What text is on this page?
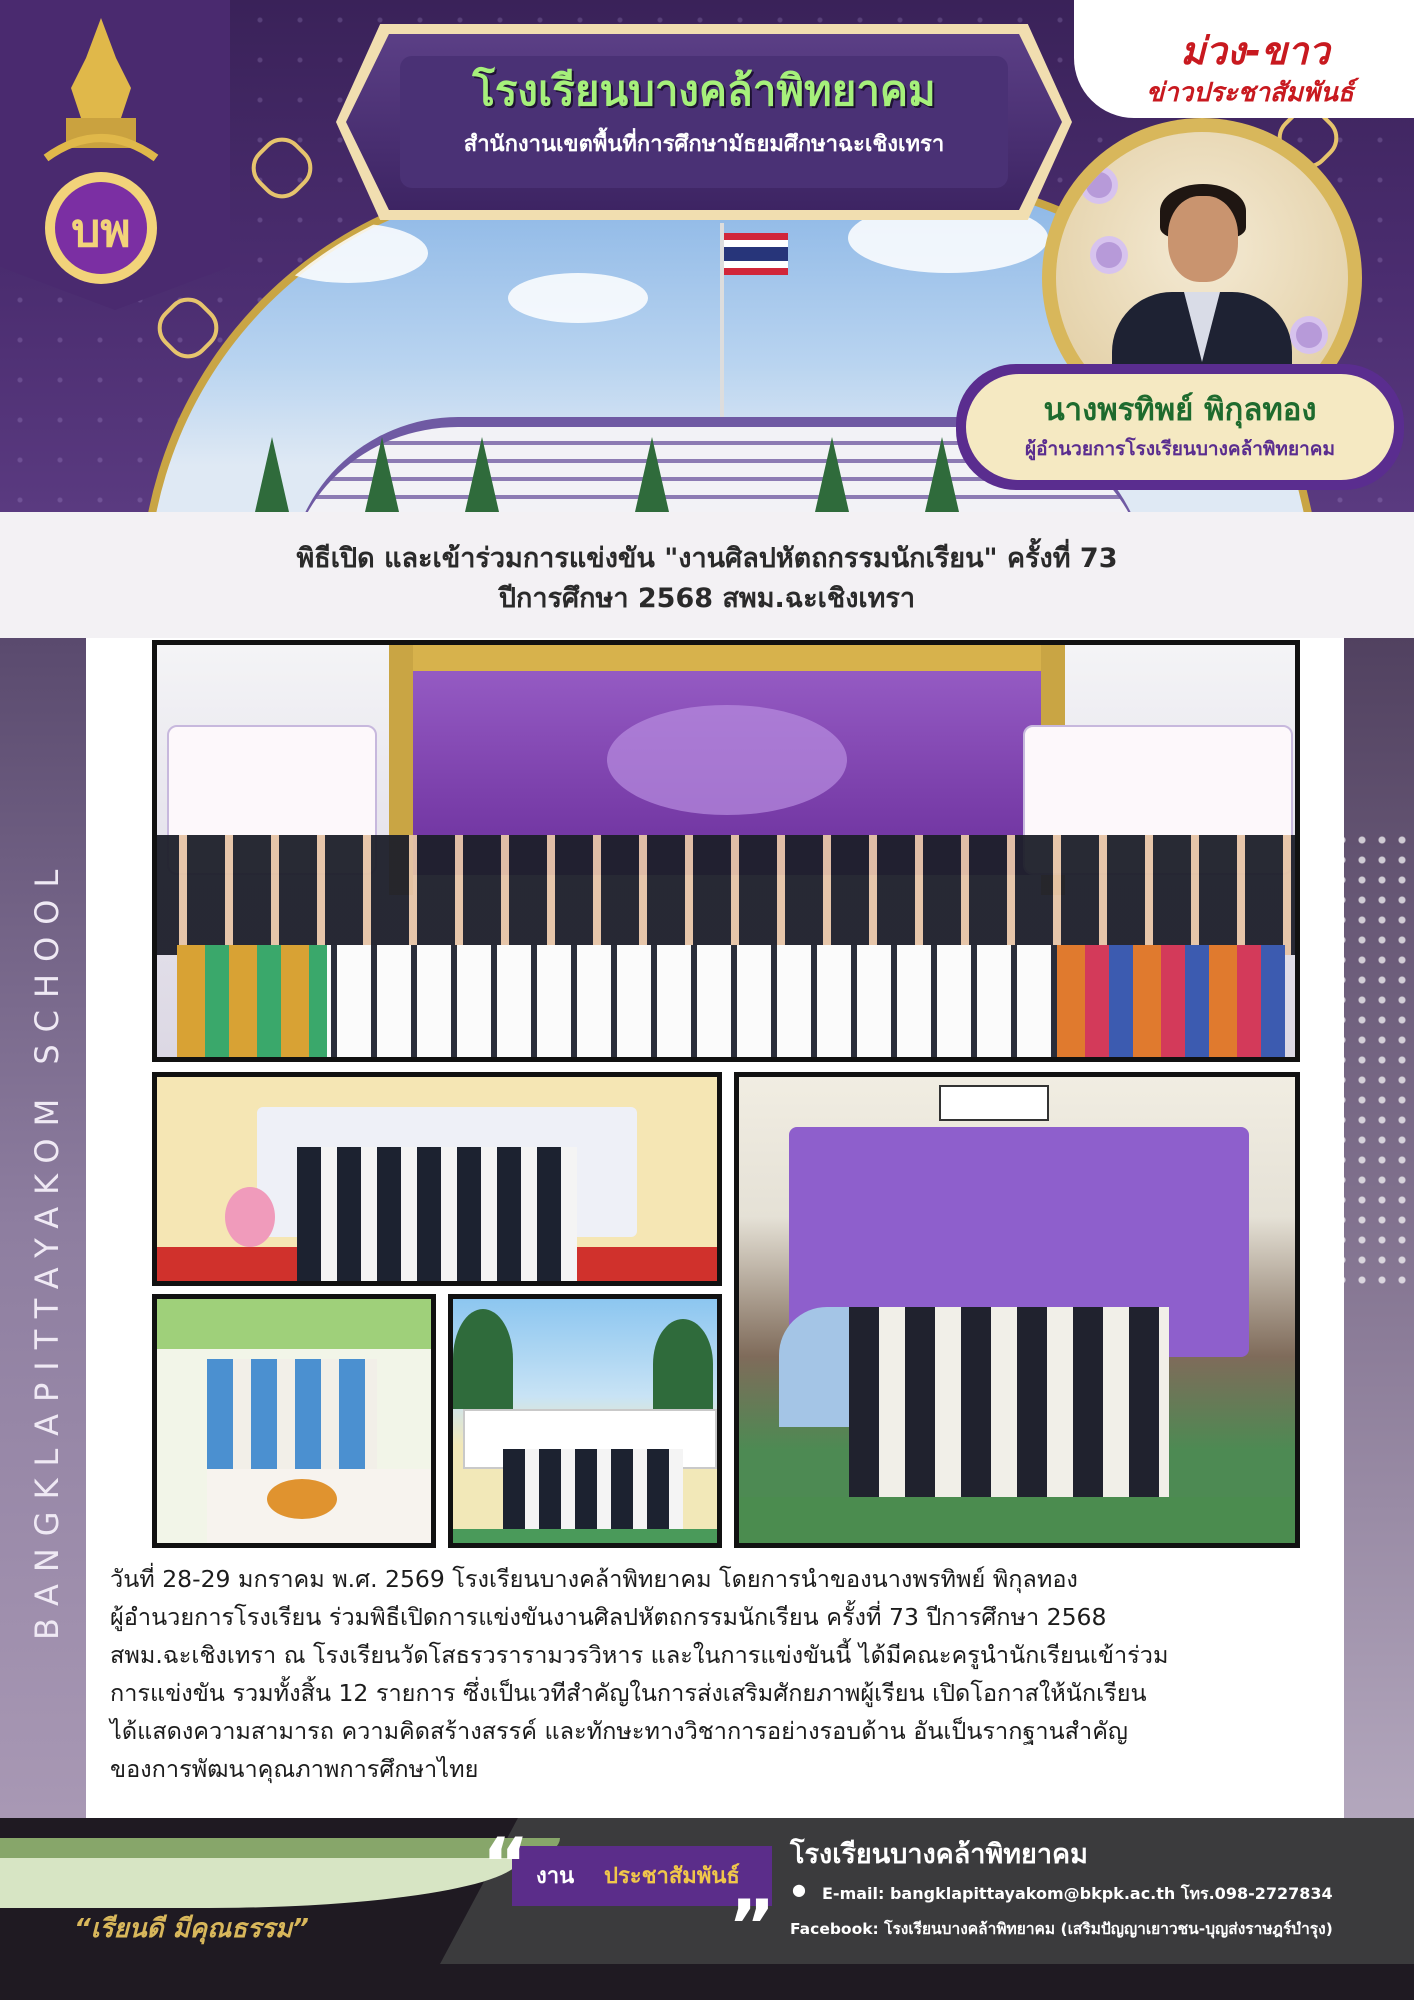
บพ
โรงเรียนบางคล้าพิทยาคม
สำนักงานเขตพื้นที่การศึกษามัธยมศึกษาฉะเชิงเทรา
ม่วง-ขาว
ข่าวประชาสัมพันธ์
นางพรทิพย์ พิกุลทอง
ผู้อำนวยการโรงเรียนบางคล้าพิทยาคม
พิธีเปิด และเข้าร่วมการแข่งขัน "งานศิลปหัตถกรรมนักเรียน" ครั้งที่ 73
ปีการศึกษา 2568 สพม.ฉะเชิงเทรา
BANGKLAPITTAYAKOM SCHOOL วันที่ 28-29 มกราคม พ.ศ. 2569 โรงเรียนบางคล้าพิทยาคม โดยการนำของนางพรทิพย์ พิกุลทอง

ผู้อำนวยการโรงเรียน ร่วมพิธีเปิดการแข่งขันงานศิลปหัตถกรรมนักเรียน ครั้งที่ 73 ปีการศึกษา 2568

สพม.ฉะเชิงเทรา ณ โรงเรียนวัดโสธรวรารามวรวิหาร และในการแข่งขันนี้ ได้มีคณะครูนำนักเรียนเข้าร่วม

การแข่งขัน รวมทั้งสิ้น 12 รายการ ซึ่งเป็นเวทีสำคัญในการส่งเสริมศักยภาพผู้เรียน เปิดโอกาสให้นักเรียน

ได้แสดงความสามารถ ความคิดสร้างสรรค์ และทักษะทางวิชาการอย่างรอบด้าน อันเป็นรากฐานสำคัญ

ของการพัฒนาคุณภาพการศึกษาไทย

“เรียนดี มีคุณธรรม”
“
”
งาน ประชาสัมพันธ์
โรงเรียนบางคล้าพิทยาคม
● E-mail: bangklapittayakom@bkpk.ac.th โทร.098-2727834
Facebook: โรงเรียนบางคล้าพิทยาคม (เสริมปัญญาเยาวชน-บุญส่งราษฎร์บำรุง)
